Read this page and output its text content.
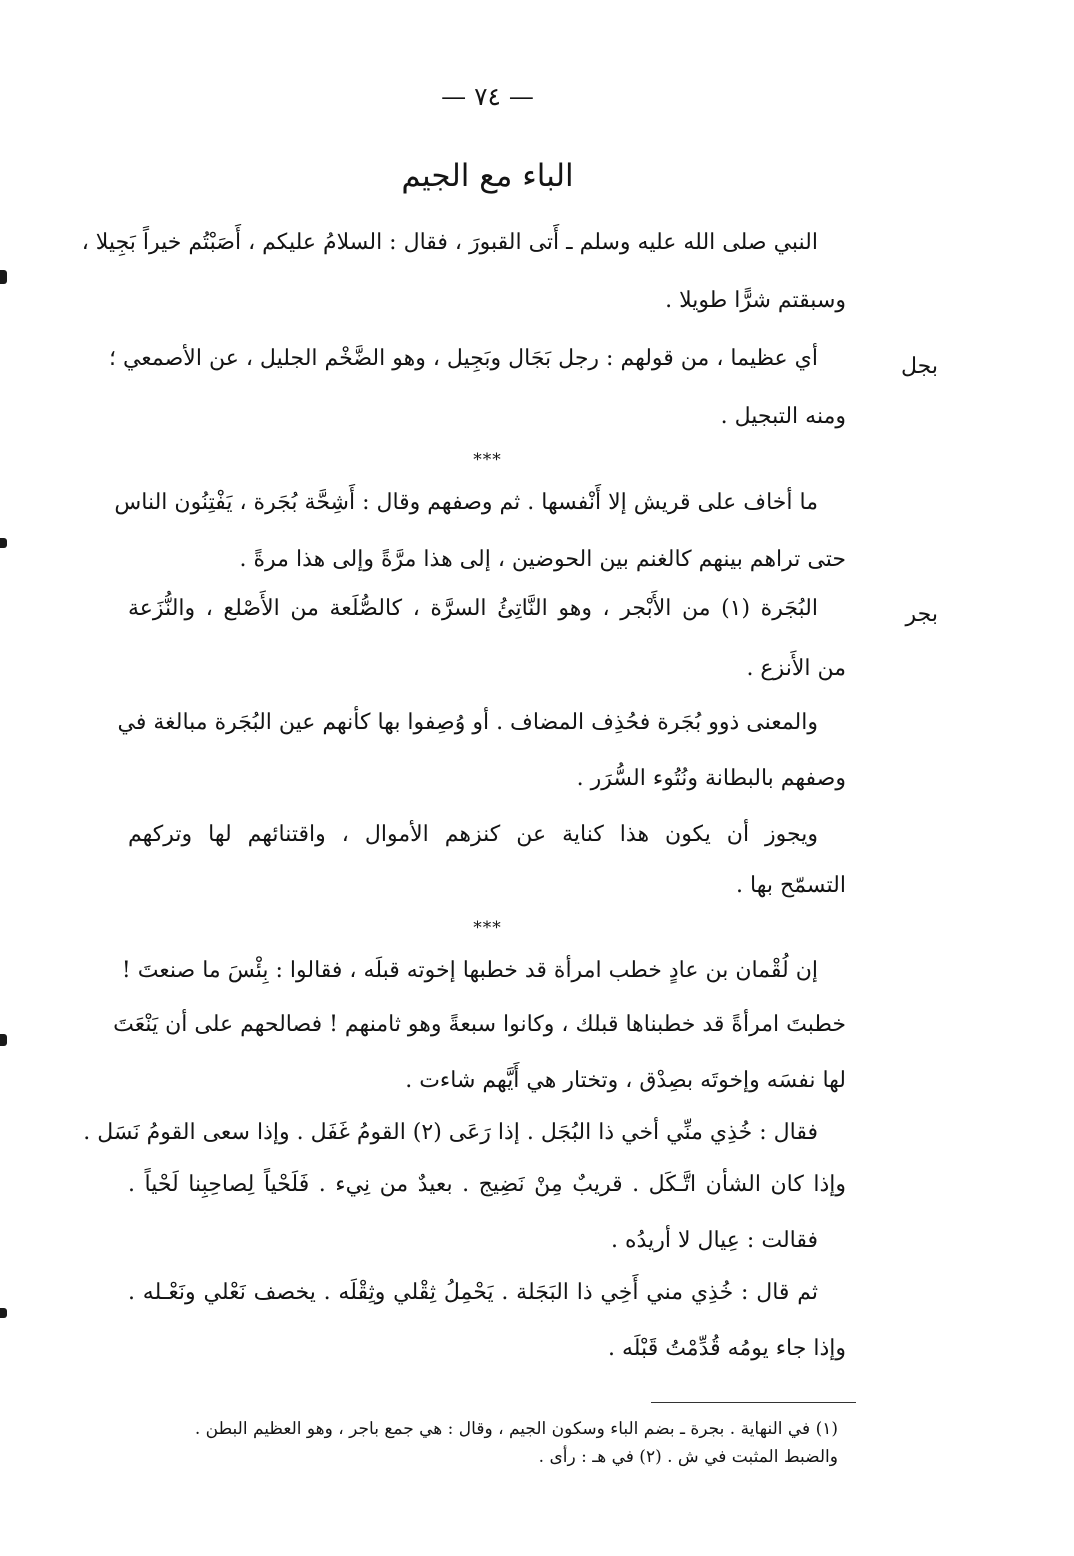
— ٧٤ —
الباء مع الجيم
النبي صلى الله عليه وسلم ـ أَتى القبورَ ، فقال : السلامُ عليكم ، أَصَبْتُم خيراً بَجِيلا ،
وسبقتم شرًّا طويلا .
بجل
أي عظيما ، من قولهم : رجل بَجَال وبَجِيل ، وهو الضَّخْم الجليل ، عن الأصمعي ؛
ومنه التبجيل .
***
ما أخاف على قريش إلا أَنْفسها . ثم وصفهم وقال : أَشِحَّة بُجَرة ، يَفْتِنُون الناس
حتى تراهم بينهم كالغنم بين الحوضين ، إلى هذا مرَّةً وإلى هذا مرةً .
بجر
البُجَرة (١) من الأَبْجر ، وهو النَّاتِئُ السرَّة ، كالصُّلَعة من الأَصْلع ، والنُّزَعة
من الأَنزع .
والمعنى ذوو بُجَرة فحُذِف المضاف . أو وُصِفوا بها كأنهم عين البُجَرة مبالغة في
وصفهم بالبطانة ونُتُوء السُّرَر .
ويجوز أن يكون هذا كناية عن كنزهم الأموال ، واقتنائهم لها وتركهم
التسمّح بها .
***
إن لُقْمان بن عادٍ خطب امرأة قد خطبها إخوته قبلَه ، فقالوا : بِئْسَ ما صنعتَ !
خطبتَ امرأةً قد خطبناها قبلك ، وكانوا سبعةً وهو ثامنهم ! فصالحهم على أن يَنْعَتَ
لها نفسَه وإخوتَه بصِدْق ، وتختار هي أَيَّهم شاءت .
فقال : خُذِي منِّي أخي ذا البُجَل . إذا رَعَى (٢) القومُ غَفَل . وإذا سعى القومُ نَسَل .
وإذا كان الشأن اتَّـكَل . قريبٌ مِنْ نَضِيج . بعيدٌ من نِيء . فَلَحْياً لِصاحِبِنا لَحْياً .
فقالت : عِيال لا أريدُه .
ثم قال : خُذِي مني أَخِي ذا البَجَلة . يَحْمِلُ ثِقْلي وثِقْلَه . يخصف نَعْلي ونَعْـله .
وإذا جاء يومُه قُدِّمْتُ قَبْلَه .
(١) في النهاية . بجرة ـ بضم الباء وسكون الجيم ، وقال : هي جمع باجر ، وهو العظيم البطن .
والضبط المثبت في ش . (٢) في هـ : رأى .
